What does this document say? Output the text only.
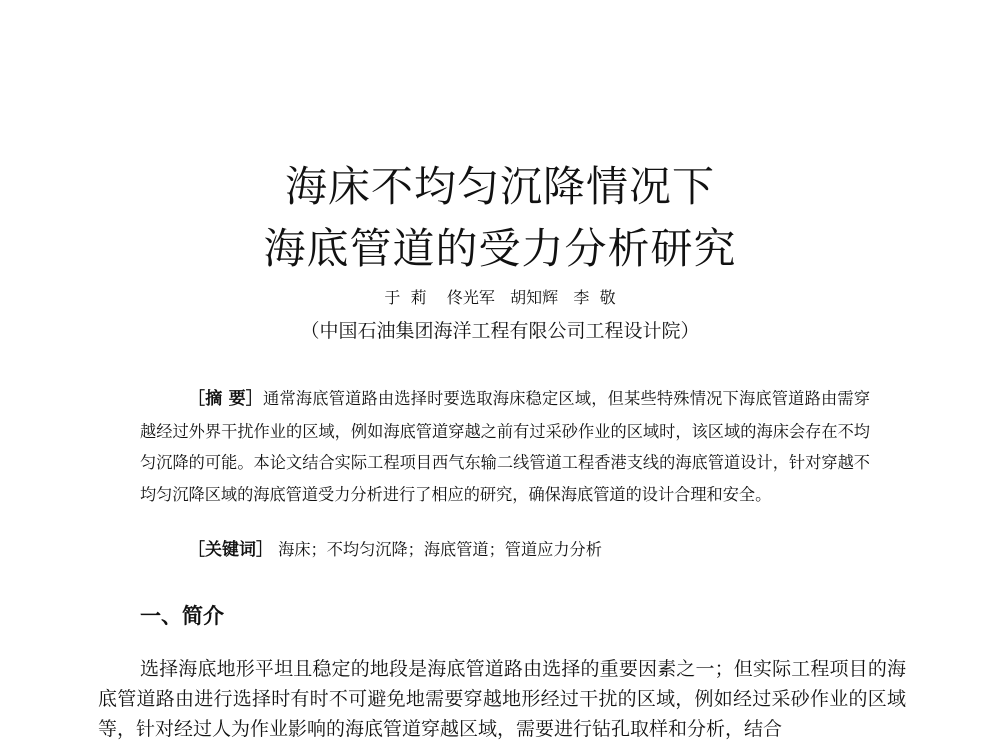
海床不均匀沉降情况下
海底管道的受力分析研究
于  莉    佟光军   胡知辉   李  敬
（中国石油集团海洋工程有限公司工程设计院）

［摘 要］通常海底管道路由选择时要选取海床稳定区域，但某些特殊情况下海底管道路由需穿越经过外界干扰作业的区域，例如海底管道穿越之前有过采砂作业的区域时，该区域的海床会存在不均匀沉降的可能。本论文结合实际工程项目西气东输二线管道工程香港支线的海底管道设计，针对穿越不均匀沉降区域的海底管道受力分析进行了相应的研究，确保海底管道的设计合理和安全。

［关键词］ 海床；不均匀沉降；海底管道；管道应力分析
一、简介

选择海底地形平坦且稳定的地段是海底管道路由选择的重要因素之一；但实际工程项目的海底管道路由进行选择时有时不可避免地需要穿越地形经过干扰的区域，例如经过采砂作业的区域等，针对经过人为作业影响的海底管道穿越区域，需要进行钻孔取样和分析，结合
